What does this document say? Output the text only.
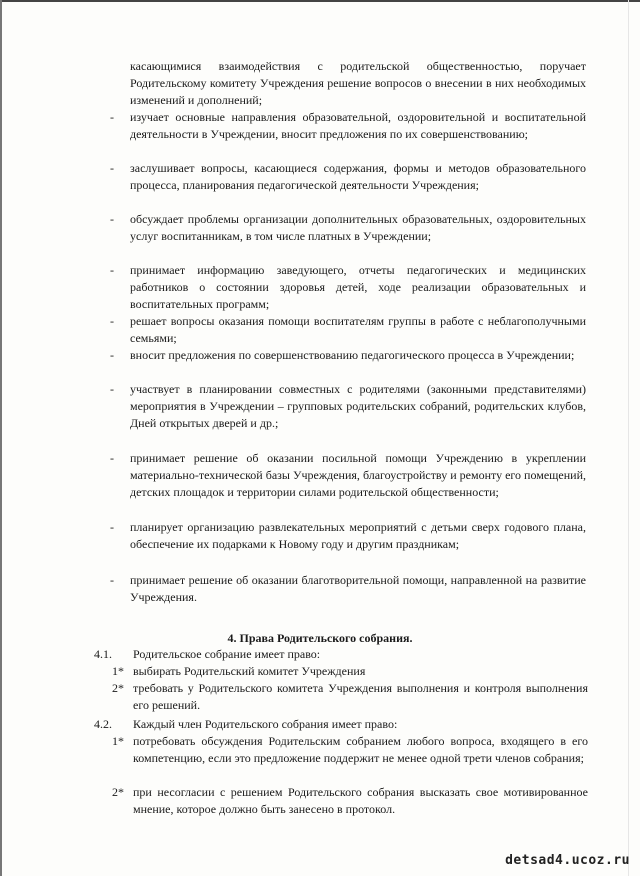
касающимися взаимодействия с родительской общественностью, поручает Родительскому комитету Учреждения решение вопросов о внесении в них необходимых изменений и дополнений;
- изучает основные направления образовательной, оздоровительной и воспитательной деятельности в Учреждении, вносит предложения по их совершенствованию;
- заслушивает вопросы, касающиеся содержания, формы и методов образовательного процесса, планирования педагогической деятельности Учреждения;
- обсуждает проблемы организации дополнительных образовательных, оздоровительных услуг воспитанникам, в том числе платных в Учреждении;
- принимает информацию заведующего, отчеты педагогических и медицинских работников о состоянии здоровья детей, ходе реализации образовательных и воспитательных программ;
- решает вопросы оказания помощи воспитателям группы в работе с неблагополучными семьями;
- вносит предложения по совершенствованию педагогического процесса в Учреждении;
- участвует в планировании совместных с родителями (законными представителями) мероприятия в Учреждении – групповых родительских собраний, родительских клубов, Дней открытых дверей и др.;
- принимает решение об оказании посильной помощи Учреждению в укреплении материально-технической базы Учреждения, благоустройству и ремонту его помещений, детских площадок и территории силами родительской общественности;
- планирует организацию развлекательных мероприятий с детьми сверх годового плана, обеспечение их подарками к Новому году и другим праздникам;
- принимает решение об оказании благотворительной помощи, направленной на развитие Учреждения.
4. Права Родительского собрания.
4.1. Родительское собрание имеет право:
1* выбирать Родительский комитет Учреждения
2* требовать у Родительского комитета Учреждения выполнения и контроля выполнения его решений.
4.2. Каждый член Родительского собрания имеет право:
1* потребовать обсуждения Родительским собранием любого вопроса, входящего в его компетенцию, если это предложение поддержит не менее одной трети членов собрания;
2* при несогласии с решением Родительского собрания высказать свое мотивированное мнение, которое должно быть занесено в протокол.
detsad4.ucoz.ru
